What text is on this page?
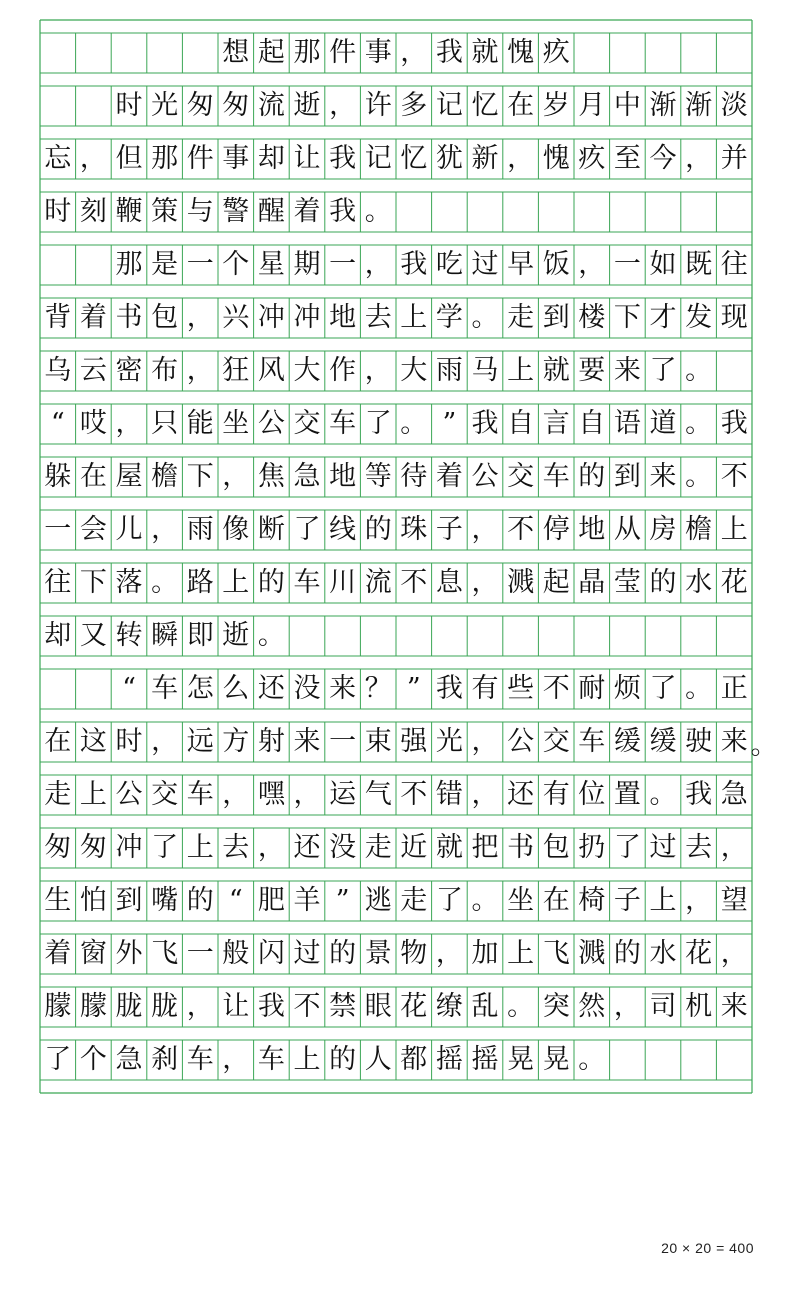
想 起 那 件 事 ， 我 就 愧 疚
时 光 匆 匆 流 逝 ， 许 多 记 忆 在 岁 月 中 渐 渐 淡
忘 ， 但 那 件 事 却 让 我 记 忆 犹 新 ， 愧 疚 至 今 ， 并
时 刻 鞭 策 与 警 醒 着 我 。
那 是 一 个 星 期 一 ， 我 吃 过 早 饭 ， 一 如 既 往
背 着 书 包 ， 兴 冲 冲 地 去 上 学 。 走 到 楼 下 才 发 现
乌 云 密 布 ， 狂 风 大 作 ， 大 雨 马 上 就 要 来 了 。
“ 哎 ， 只 能 坐 公 交 车 了 。 ” 我 自 言 自 语 道 。 我
躲 在 屋 檐 下 ， 焦 急 地 等 待 着 公 交 车 的 到 来 。 不
一 会 儿 ， 雨 像 断 了 线 的 珠 子 ， 不 停 地 从 房 檐 上
往 下 落 。 路 上 的 车 川 流 不 息 ， 溅 起 晶 莹 的 水 花
却 又 转 瞬 即 逝 。
“ 车 怎 么 还 没 来 ？ ” 我 有 些 不 耐 烦 了 。 正
在 这 时 ， 远 方 射 来 一 束 强 光 ， 公 交 车 缓 缓 驶 来 。
走 上 公 交 车 ， 嘿 ， 运 气 不 错 ， 还 有 位 置 。 我 急
匆 匆 冲 了 上 去 ， 还 没 走 近 就 把 书 包 扔 了 过 去 ，
生 怕 到 嘴 的 “ 肥 羊 ” 逃 走 了 。 坐 在 椅 子 上 ， 望
着 窗 外 飞 一 般 闪 过 的 景 物 ， 加 上 飞 溅 的 水 花 ，
朦 朦 胧 胧 ， 让 我 不 禁 眼 花 缭 乱 。 突 然 ， 司 机 来
了 个 急 刹 车 ， 车 上 的 人 都 摇 摇 晃 晃 。
20 × 20 = 400
